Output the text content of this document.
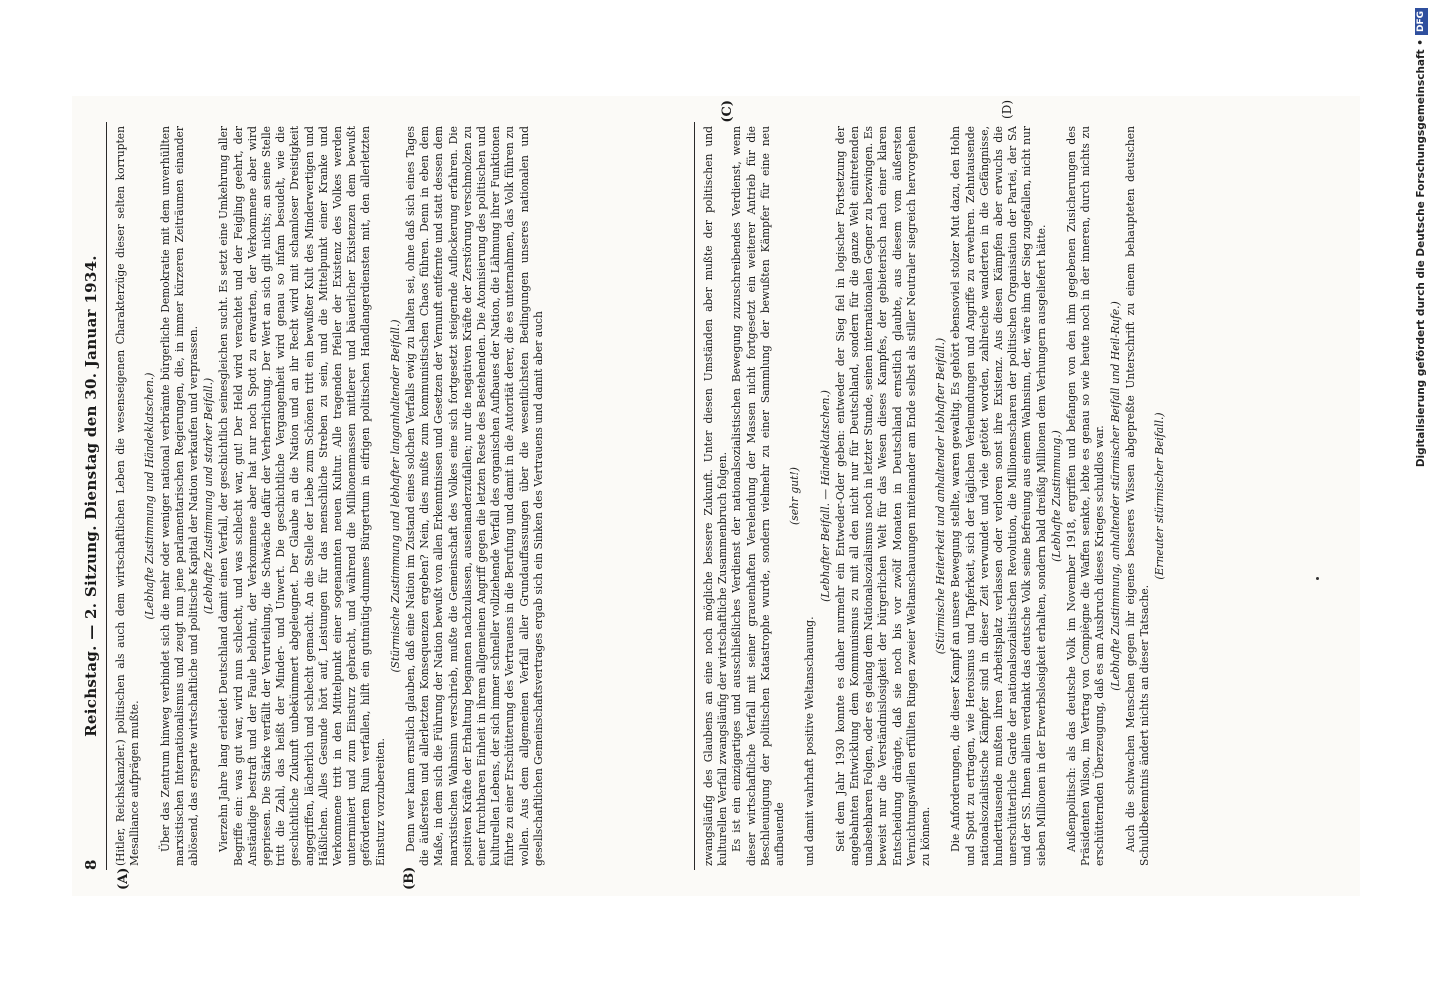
8
Reichstag. — 2. Sitzung. Dienstag den 30. Januar 1934.
(A)	(B)
(C)	(D)

(Hitler, Reichskanzler.) politischen als auch dem wirtschaftlichen Leben die wesenseigenen Charakterzüge dieser selten korrupten Mesalliance aufprägen mußte.

(Lebhafte Zustimmung und Händeklatschen.) Über das Zentrum hinweg verbindet sich die mehr oder weniger national verbrämte bürgerliche Demokratie mit dem unverhüllten marxistischen Internationalismus und zeugt nun jene parlamentarischen Regierungen, die, in immer kürzeren Zeiträumen einander ablösend, das ersparte wirtschaftliche und politische Kapital der Nation verkaufen und verprassen. (Lebhafte Zustimmung und starker Beifall.) Vierzehn Jahre lang erleidet Deutschland damit einen Verfall, der geschichtlich seinesgleichen sucht. Es setzt eine Umkehrung aller Begriffe ein: was gut war, wird nun schlecht, und was schlecht war, gut! Der Held wird verachtet und der Feigling geehrt, der Anständige bestraft und der Faule belohnt, der Verkommene aber hat nur noch Spott zu erwarten, der Verkommene aber wird gepriesen. Die Stärke verfällt der Verurteilung, die Schwäche dafür der Verherrlichung. Der Wert an sich gilt nichts; an seine Stelle tritt die Zahl, das heißt der Minder- und Unwert. Die geschichtliche Vergangenheit wird genau so infam besudelt, wie die geschichtliche Zukunft unbekümmert abgeleugnet. Der Glaube an die Nation und an ihr Recht wird mit schamloser Dreistigkeit angegriffen, lächerlich und schlecht gemacht. An die Stelle der Liebe zum Schönen tritt ein bewußter Kult des Minderwertigen und Häßlichen. Alles Gesunde hört auf, Leistungen für das menschliche Streben zu sein, und die Mittelpunkt einer Kranke und Verkommene tritt in den Mittelpunkt einer sogenannten neuen Kultur. Alle tragenden Pfeiler der Existenz des Volkes werden unterminiert und zum Einsturz gebracht, und während die Millionenmassen mittlerer und bäuerlicher Existenzen dem bewußt gefördertem Ruin verfallen, hilft ein gutmütig-dummes Bürgertum in eifrigen politischen Handlangerdiensten mit, den allerletzten Einsturz vorzubereiten.

(Stürmische Zustimmung und lebhafter langanhaltender Beifall.) Denn wer kann ernstlich glauben, daß eine Nation im Zustand eines solchen Verfalls ewig zu halten sei, ohne daß sich eines Tages die äußersten und allerletzten Konsequenzen ergeben? Nein, dies mußte zum kommunistischen Chaos führen. Denn in eben dem Maße, in dem sich die Führung der Nation bewußt von allen Erkenntnissen und Gesetzen der Vernunft entfernte und statt dessen dem marxistischen Wahnsinn verschrieb, mußte die Gemeinschaft des Volkes eine sich fortgesetzt steigernde Auflockerung erfahren. Die positiven Kräfte der Erhaltung begannen nachzulassen, auseinanderzufallen; nur die negativen Kräfte der Zerstörung verschmolzen zu einer furchtbaren Einheit in ihrem allgemeinen Angriff gegen die letzten Reste des Bestehenden. Die Atomisierung des politischen und kulturellen Lebens, der sich immer schneller vollziehende Verfall des organischen Aufbaues der Nation, die Lähmung ihrer Funktionen führte zu einer Erschütterung des Vertrauens in die Berufung und damit in die Autorität derer, die es unternahmen, das Volk führen zu wollen. Aus dem allgemeinen Verfall aller Grundauffassungen über die wesentlichsten Bedingungen unseres nationalen und gesellschaftlichen Gemeinschaftsvertrages ergab sich ein Sinken des Vertrauens und damit aber auch	zwangsläufig des Glaubens an eine noch mögliche bessere Zukunft. Unter diesen Umständen aber mußte der politischen und kulturellen Verfall zwangsläufig der wirtschaftliche Zusammenbruch folgen. Es ist ein einzigartiges und ausschließliches Verdienst der nationalsozialistischen Bewegung zuzuschreibendes Verdienst, wenn dieser wirtschaftliche Verfall mit seiner grauenhaften Verelendung der Massen nicht fortgesetzt ein weiterer Antrieb für die Beschleunigung der politischen Katastrophe wurde, sondern vielmehr zu einer Sammlung der bewußten Kämpfer für eine neu aufbauende

(sehr gut!)

und damit wahrhaft positive Weltanschauung.

(Lebhafter Beifall. — Händeklatschen.) Seit dem Jahr 1930 konnte es daher nurmehr ein Entweder-Oder geben: entweder der Sieg fiel in logischer Fortsetzung der angebahnten Entwicklung dem Kommunismus zu mit all den nicht nur für Deutschland, sondern für die ganze Welt eintretenden unabsehbaren Folgen, oder es gelang dem Nationalsozialismus noch in letzter Stunde, seinen internationalen Gegner zu bezwingen. Es beweist nur die Verständnislosigkeit der bürgerlichen Welt für das Wesen dieses Kampfes, der gebieterisch nach einer klaren Entscheidung drängte, daß sie noch bis vor zwölf Monaten in Deutschland ernstlich glaubte, aus diesem vom äußersten Vernichtungswillen erfüllten Ringen zweier Weltanschauungen miteinander am Ende selbst als stiller Neutraler siegreich hervorgehen zu können.

(Stürmische Heiterkeit und anhaltender lebhafter Beifall.) Die Anforderungen, die dieser Kampf an unsere Bewegung stellte, waren gewaltig. Es gehört ebensoviel stolzer Mut dazu, den Hohn und Spott zu ertragen, wie Heroismus und Tapferkeit, sich der täglichen Verleumdungen und Angriffe zu erwehren. Zehntausende nationalsozialistische Kämpfer sind in dieser Zeit verwundet und viele getötet worden, zahlreiche wanderten in die Gefängnisse, hunderttausende mußten ihren Arbeitsplatz verlassen oder verloren sonst ihre Existenz. Aus diesen Kämpfen aber erwuchs die unerschütterliche Garde der nationalsozialistischen Revolution, die Millionenscharen der politischen Organisation der Partei, der SA und der SS. Ihnen allein verdankt das deutsche Volk seine Befreiung aus einem Wahnsinn, der, wäre ihm der Sieg zugefallen, nicht nur sieben Millionen in der Erwerbslosigkeit erhalten, sondern bald dreißig Millionen dem Verhungern ausgeliefert hätte. (Lebhafte Zustimmung.) Außenpolitisch: als das deutsche Volk im November 1918, ergriffen und befangen von den ihm gegebenen Zusicherungen des Präsidenten Wilson, im Vertrag von Compiègne die Waffen senkte, lebte es genau so wie heute noch in der inneren, durch nichts zu erschütternden Überzeugung, daß es am Ausbruch dieses Krieges schuldlos war. (Lebhafte Zustimmung, anhaltender stürmischer Beifall und Heil-Rufe.) Auch die schwachen Menschen gegen ihr eigenes besseres Wissen abgepreßte Unterschrift zu einem behaupteten deutschen Schuldbekenntnis ändert nichts an dieser Tatsache.

(Erneuter stürmischer Beifall.)

Digitalisierung gefördert durch die Deutsche Forschungsgemeinschaft •
DFG
